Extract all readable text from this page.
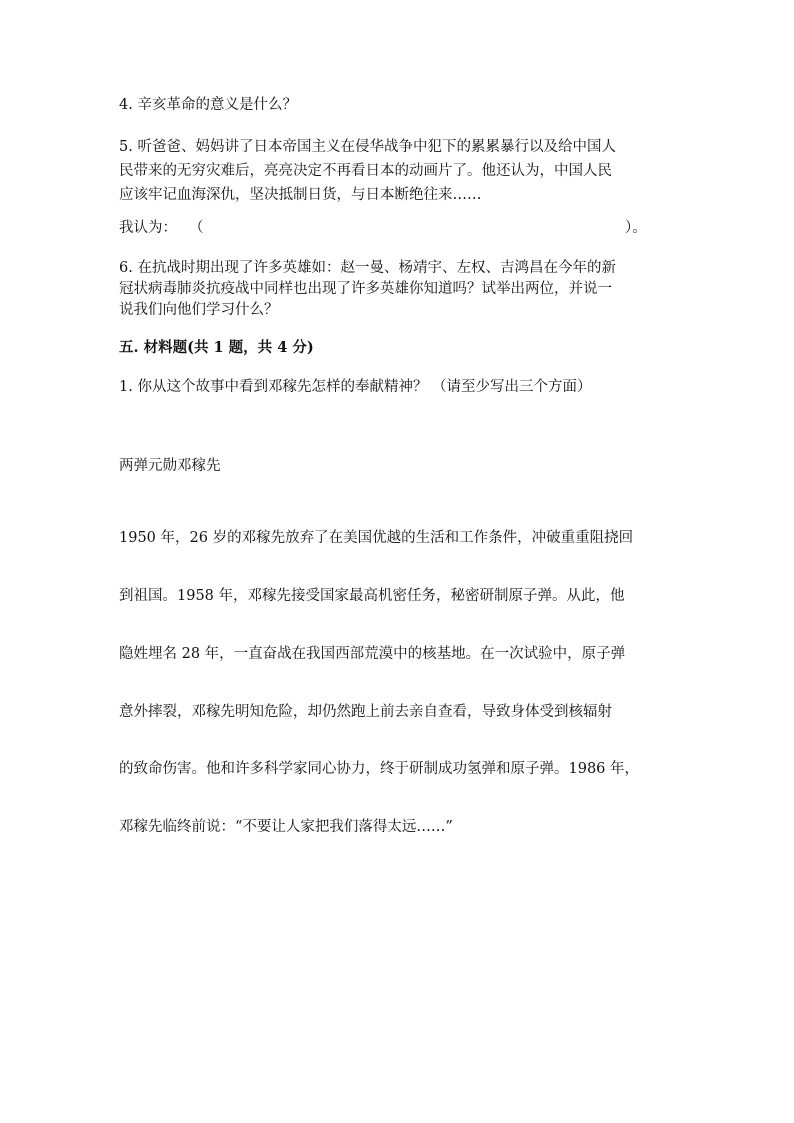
4. 辛亥革命的意义是什么？
5. 听爸爸、妈妈讲了日本帝国主义在侵华战争中犯下的累累暴行以及给中国人
民带来的无穷灾难后，亮亮决定不再看日本的动画片了。他还认为，中国人民
应该牢记血海深仇，坚决抵制日货，与日本断绝往来……
我认为： （	）。
6. 在抗战时期出现了许多英雄如：赵一曼、杨靖宇、左权、吉鸿昌在今年的新
冠状病毒肺炎抗疫战中同样也出现了许多英雄你知道吗？试举出两位，并说一
说我们向他们学习什么？
五. 材料题(共 1 题，共 4 分)
1. 你从这个故事中看到邓稼先怎样的奉献精神？ （请至少写出三个方面）
两弹元勋邓稼先
1950 年，26 岁的邓稼先放弃了在美国优越的生活和工作条件，冲破重重阻挠回
到祖国。1958 年，邓稼先接受国家最高机密任务，秘密研制原子弹。从此，他
隐姓埋名 28 年，一直奋战在我国西部荒漠中的核基地。在一次试验中，原子弹
意外摔裂，邓稼先明知危险，却仍然跑上前去亲自查看，导致身体受到核辐射
的致命伤害。他和许多科学家同心协力，终于研制成功氢弹和原子弹。1986 年，
邓稼先临终前说：“不要让人家把我们落得太远……”
